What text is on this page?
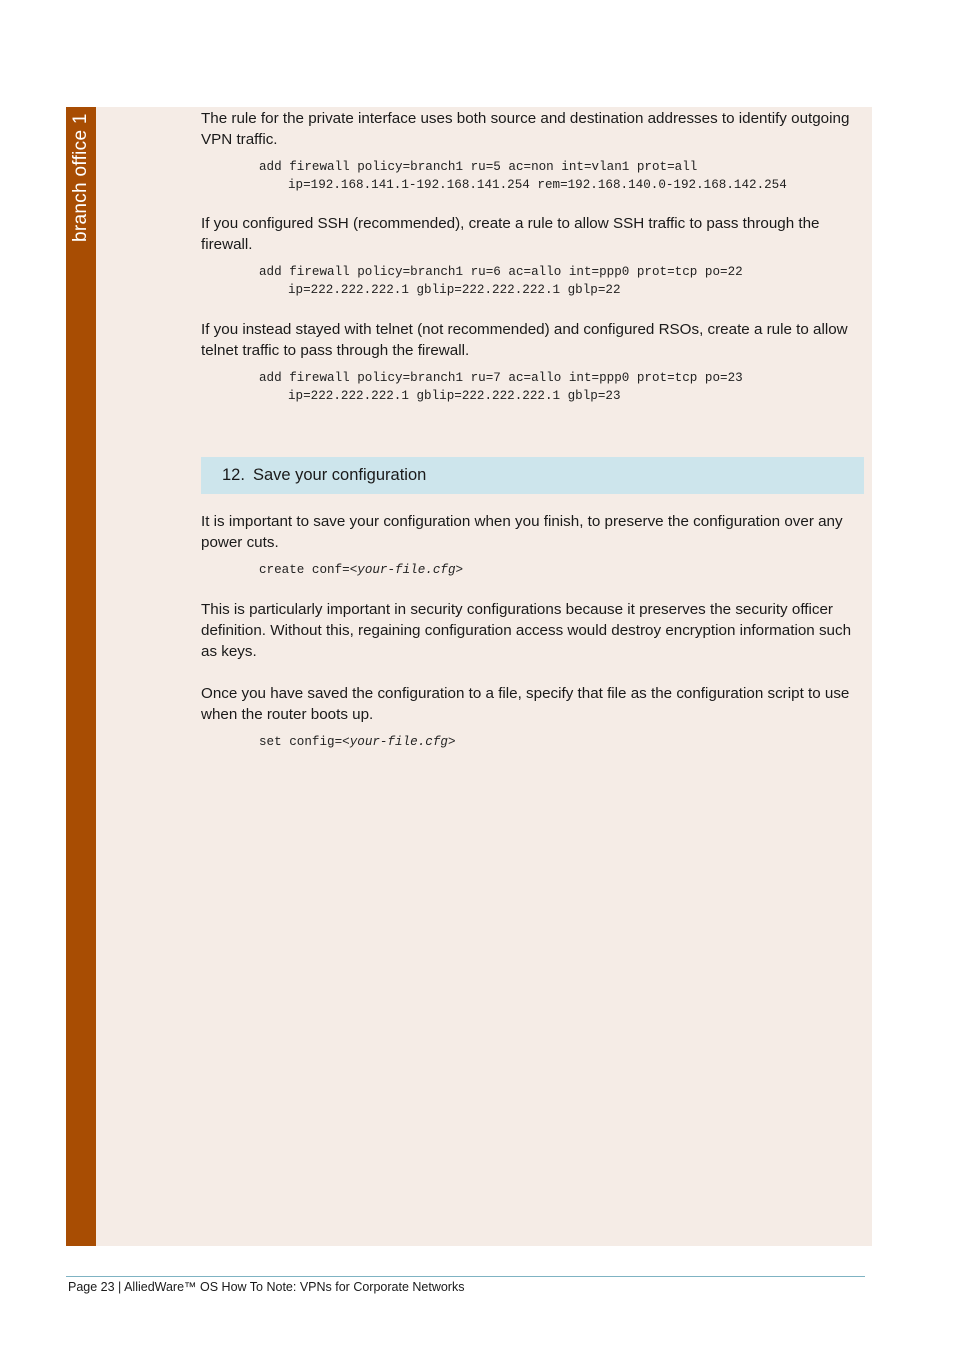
branch office 1	The rule for the private interface uses both source and destination addresses to identify outgoing VPN traffic.

add firewall policy=branch1 ru=5 ac=non int=vlan1 prot=all
ip=192.168.141.1-192.168.141.254 rem=192.168.140.0-192.168.142.254

If you configured SSH (recommended), create a rule to allow SSH traffic to pass through the firewall.

add firewall policy=branch1 ru=6 ac=allo int=ppp0 prot=tcp po=22
ip=222.222.222.1 gblip=222.222.222.1 gblp=22

If you instead stayed with telnet (not recommended) and configured RSOs, create a rule to allow telnet traffic to pass through the firewall.

add firewall policy=branch1 ru=7 ac=allo int=ppp0 prot=tcp po=23
ip=222.222.222.1 gblip=222.222.222.1 gblp=23
12. Save your configuration

It is important to save your configuration when you finish, to preserve the configuration over any power cuts.

create conf=<your-file.cfg>

This is particularly important in security configurations because it preserves the security officer definition. Without this, regaining configuration access would destroy encryption information such as keys.

Once you have saved the configuration to a file, specify that file as the configuration script to use when the router boots up.

set config=<your-file.cfg>
Page 23 | AlliedWare™ OS How To Note: VPNs for Corporate Networks
